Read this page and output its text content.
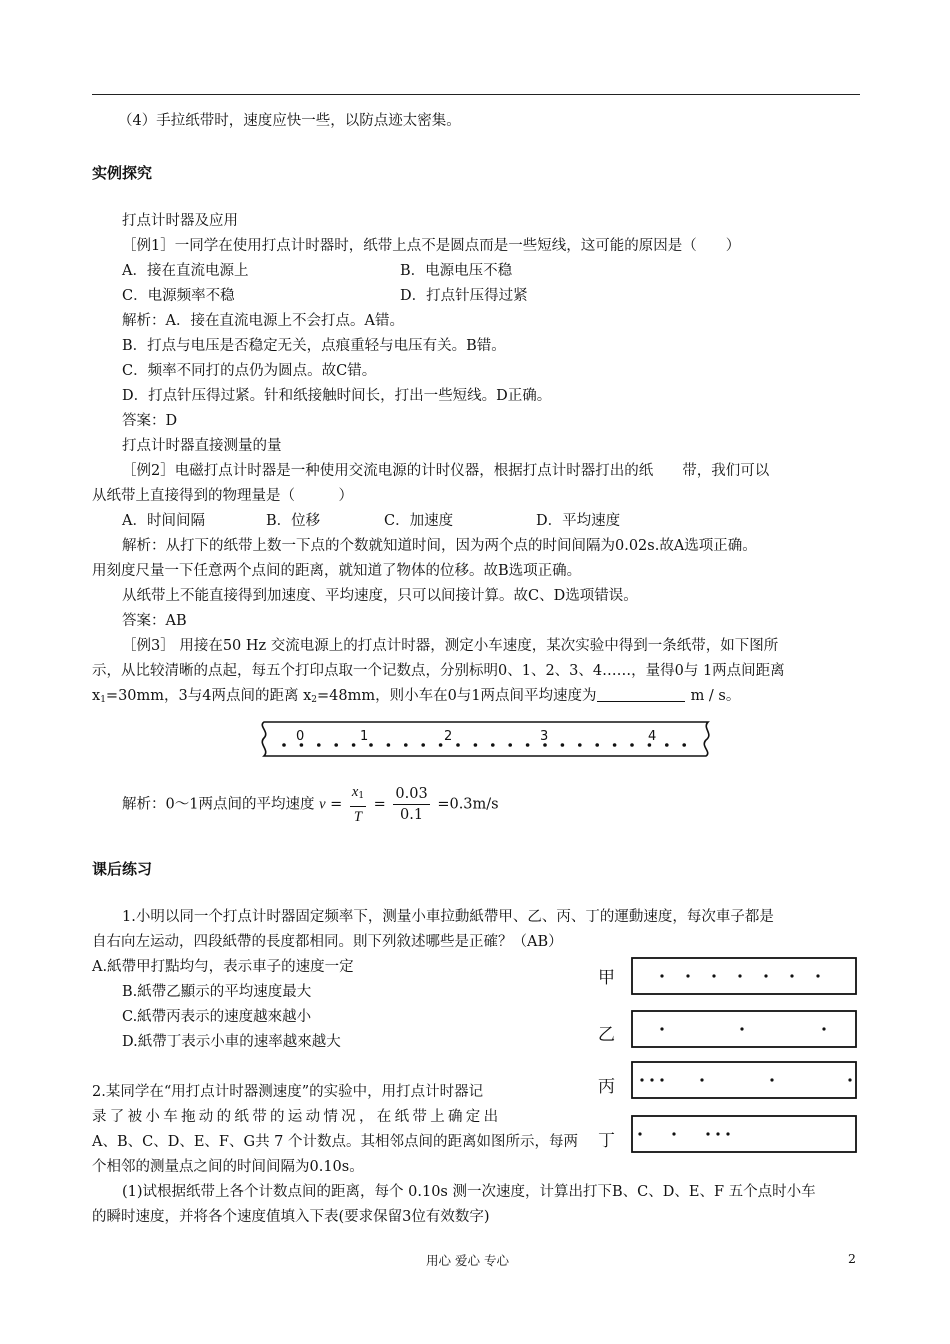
（4）手拉纸带时，速度应快一些，以防点迹太密集。
实例探究
打点计时器及应用
［例1］一同学在使用打点计时器时，纸带上点不是圆点而是一些短线，这可能的原因是（　　）
A．接在直流电源上	B．电源电压不稳
C．电源频率不稳	D．打点针压得过紧
解析：A．接在直流电源上不会打点。A错。
B．打点与电压是否稳定无关，点痕重轻与电压有关。B错。
C．频率不同打的点仍为圆点。故C错。
D．打点针压得过紧。针和纸接触时间长，打出一些短线。D正确。
答案：D
打点计时器直接测量的量
［例2］电磁打点计时器是一种使用交流电源的计时仪器，根据打点计时器打出的纸　　带，我们可以
从纸带上直接得到的物理量是（　　　）
A．时间间隔	B．位移	C．加速度	D．平均速度
解析：从打下的纸带上数一下点的个数就知道时间，因为两个点的时间间隔为0.02s.故A选项正确。
用刻度尺量一下任意两个点间的距离，就知道了物体的位移。故B选项正确。
从纸带上不能直接得到加速度、平均速度，只可以间接计算。故C、D选项错误。
答案：AB
［例3］ 用接在50 Hz 交流电源上的打点计时器，测定小车速度，某次实验中得到一条纸带，如下图所
示，从比较清晰的点起，每五个打印点取一个记数点，分别标明0、1、2、3、4……，量得0与 1两点间距离
$x_1=30mm$，3与4两点间的距离 $x_2=48mm$，则小车在0与1两点间平均速度为	m / s。
0	1	2	3	4
解析：0～1两点间的平均速度 $v = \frac{x_1}{T} = \frac{0.03}{0.1} =0.3m/s$
课后练习
1.小明以同一个打点计时器固定频率下，测量小車拉動紙帶甲、乙、丙、丁的運動速度，每次車子都是
自右向左运动，四段紙帶的長度都相同。則下列敘述哪些是正確？（AB）
A.紙帶甲打點均勻，表示車子的速度一定
B.紙帶乙顯示的平均速度最大
C.紙帶丙表示的速度越來越小
D.紙帶丁表示小車的速率越來越大
甲
乙
丙
丁
2.某同学在“用打点计时器测速度”的实验中，用打点计时器记
录了被小车拖动的纸带的运动情况，在纸带上确定出
A、B、C、D、E、F、G共 7 个计数点。其相邻点间的距离如图所示，每两
个相邻的测量点之间的时间间隔为0.10s。
(1)试根据纸带上各个计数点间的距离，每个 0.10s 测一次速度，计算出打下B、C、D、E、F 五个点时小车
的瞬时速度，并将各个速度值填入下表(要求保留3位有效数字)
用心 爱心 专心	2
